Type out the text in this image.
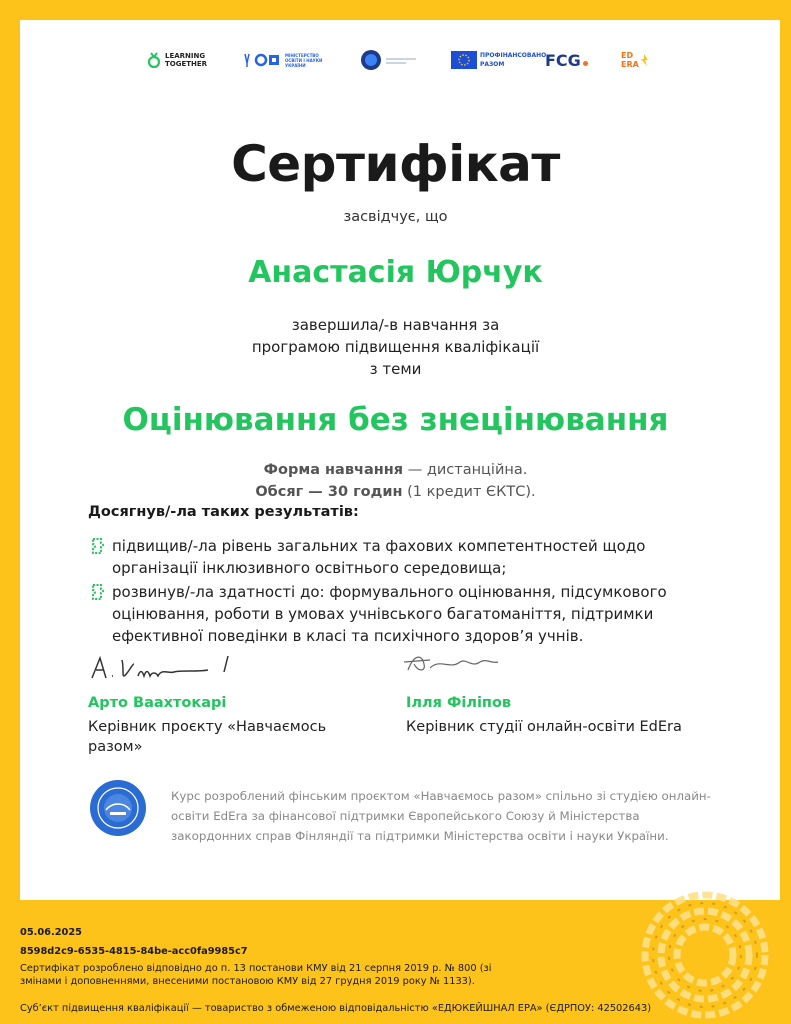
LEARNING
TOGETHER
МІНІСТЕРСТВО
ОСВІТИ І НАУКИ
УКРАЇНИ
ПРОФІНАНСОВАНО
РАЗОМ	FCG	ED
ERA
Сертифікат
засвідчує, що
Анастасія Юрчук
завершила/-в навчання за
програмою підвищення кваліфікації
з теми
Оцінювання без знецінювання
Форма навчання — дистанційна.
Обсяг — 30 годин (1 кредит ЄКТС).
Досягнув/-ла таких результатів:
підвищив/-ла рівень загальних та фахових компетентностей щодо організації інклюзивного освітнього середовища;
розвинув/-ла здатності до: формувального оцінювання, підсумкового оцінювання, роботи в умовах учнівського багатоманіття, підтримки ефективної поведінки в класі та психічного здоров’я учнів.
Арто Ваахтокарі
Керівник проєкту «Навчаємось разом»
Ілля Філіпов
Керівник студії онлайн-освіти EdEra
Курс розроблений фінським проєктом «Навчаємось разом» спільно зі студією онлайн-освіти EdEra за фінансової підтримки Європейського Союзу й Міністерства закордонних справ Фінляндії та підтримки Міністерства освіти і науки України.
05.06.2025
8598d2c9-6535-4815-84be-acc0fa9985c7
Сертифікат розроблено відповідно до п. 13 постанови КМУ від 21 серпня 2019 р. № 800 (зі змінами і доповненнями, внесеними постановою КМУ від 27 грудня 2019 року № 1133).
Суб’єкт підвищення кваліфікації — товариство з обмеженою відповідальністю «ЕДЮКЕЙШНАЛ ЕРА» (ЄДРПОУ: 42502643)
